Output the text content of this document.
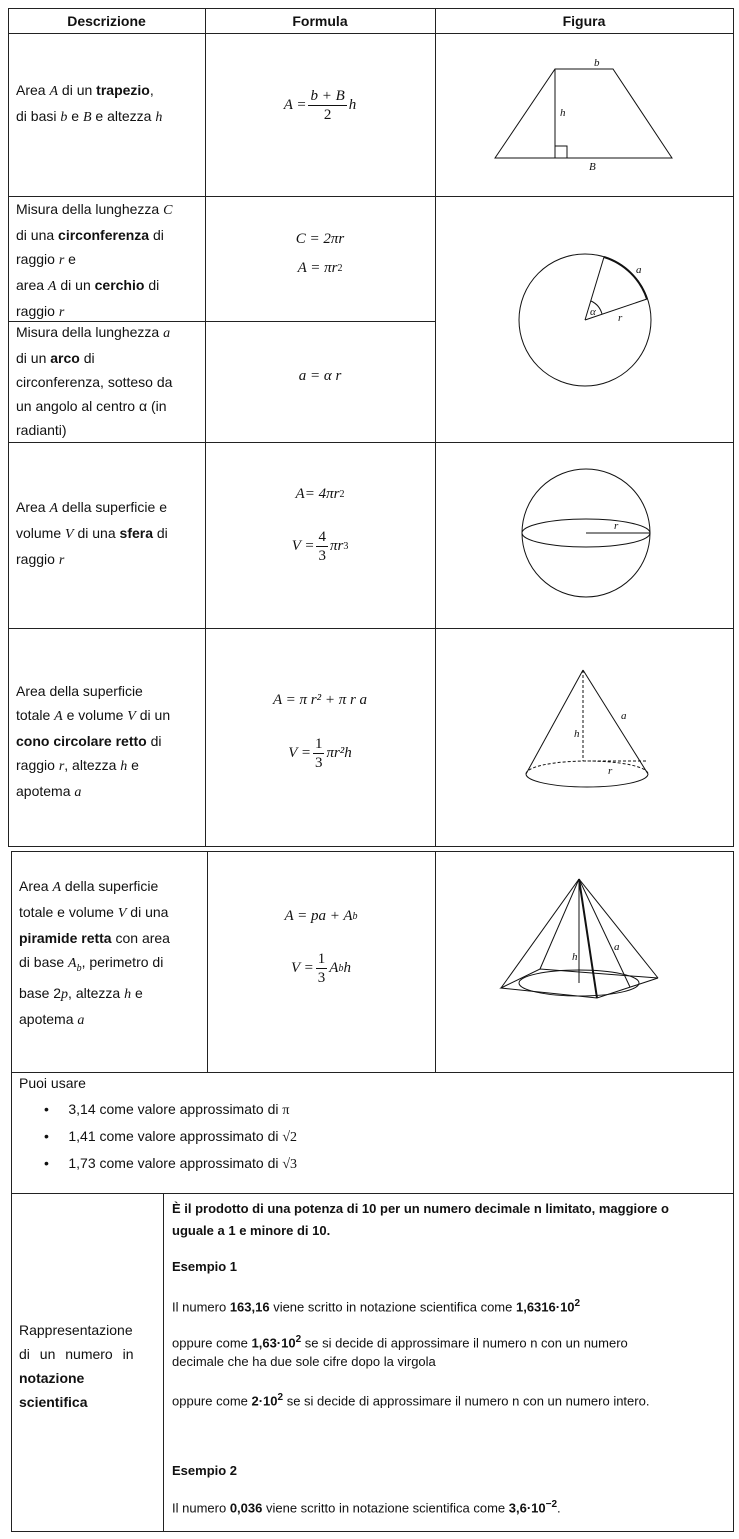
Descrizione	Formula	Figura
Area A di un trapezio,
di basi b e B e altezza h
$A = \frac{b + B}{2}$ h
b
h
B
Misura della lunghezza C
di una circonferenza di
raggio r e
area A di un cerchio di
raggio r
C = 2πr
A = πr 2
Misura della lunghezza a
di un arco di
circonferenza, sotteso da
un angolo al centro α (in
radianti)
a = α r
a
α r
Area A della superficie e
volume V di una sfera di
raggio r
A= 4πr 2
$V = \frac{4}{3}$ πr 3
r
Area della superficie
totale A e volume V di un
cono circolare retto di
raggio r, altezza h e
apotema a
A = π r² + π r a
$V = \frac{1}{3} \pi r^2h$
a
h
r
Area A della superficie
totale e volume V di una
piramide retta con area
di base $A_b$, perimetro di
base 2p, altezza h e
apotema a
A = pa + A b
$V = \frac{1}{3}$ A b h
h
a
Puoi usare
•     3,14 come valore approssimato di π
•     1,41 come valore approssimato di √2
•     1,73 come valore approssimato di √3
Rappresentazione
di un numero in
notazione
scientifica
È il prodotto di una potenza di 10 per un numero decimale n limitato, maggiore o
uguale a 1 e minore di 10.
Esempio 1
Il numero 163,16 viene scritto in notazione scientifica come $1,6316\cdot 10^2$
oppure come $1,63\cdot 10^2$ se si decide di approssimare il numero n con un numero
decimale che ha due sole cifre dopo la virgola
oppure come $2\cdot 10^2$ se si decide di approssimare il numero n con un numero intero.
Esempio 2
Il numero 0,036 viene scritto in notazione scientifica come $3,6\cdot 10^{-2}$.
